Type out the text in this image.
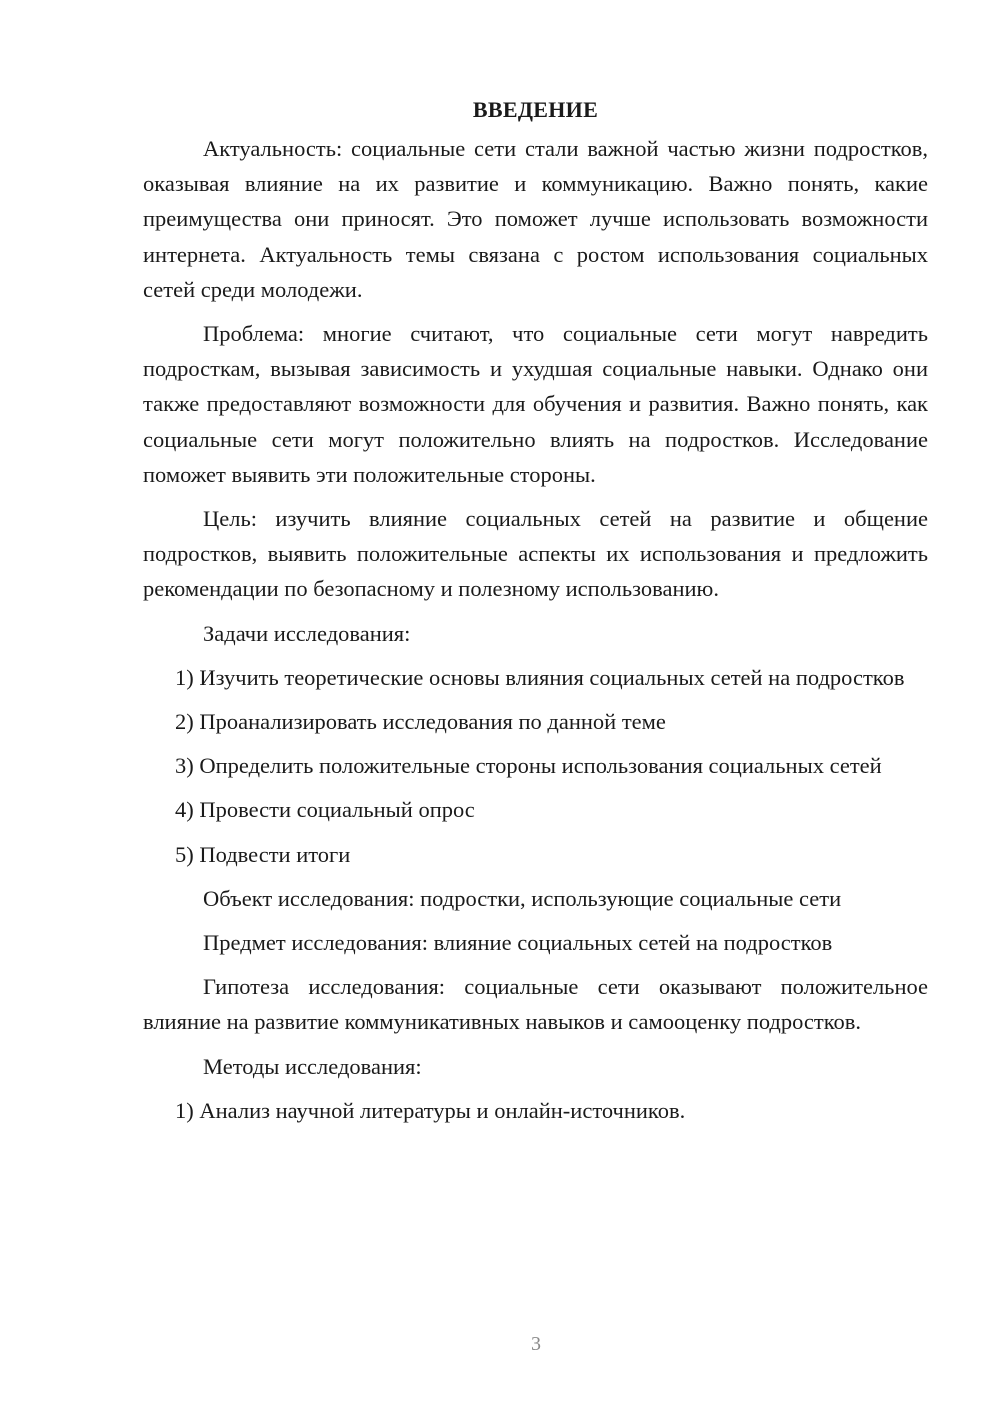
ВВЕДЕНИЕ

Актуальность: социальные сети стали важной частью жизни подростков, оказывая влияние на их развитие и коммуникацию. Важно понять, какие преимущества они приносят. Это поможет лучше использовать возможности интернета. Актуальность темы связана с ростом использования социальных сетей среди молодежи.

Проблема: многие считают, что социальные сети могут навредить подросткам, вызывая зависимость и ухудшая социальные навыки. Однако они также предоставляют возможности для обучения и развития. Важно понять, как социальные сети могут положительно влиять на подростков. Исследование поможет выявить эти положительные стороны.

Цель: изучить влияние социальных сетей на развитие и общение подростков, выявить положительные аспекты их использования и предложить рекомендации по безопасному и полезному использованию.

Задачи исследования:

1) Изучить теоретические основы влияния социальных сетей на подростков

2) Проанализировать исследования по данной теме

3) Определить положительные стороны использования социальных сетей

4) Провести социальный опрос

5) Подвести итоги

Объект исследования: подростки, использующие социальные сети

Предмет исследования: влияние социальных сетей на подростков

Гипотеза исследования: социальные сети оказывают положительное влияние на развитие коммуникативных навыков и самооценку подростков.

Методы исследования:

1) Анализ научной литературы и онлайн-источников.

3
